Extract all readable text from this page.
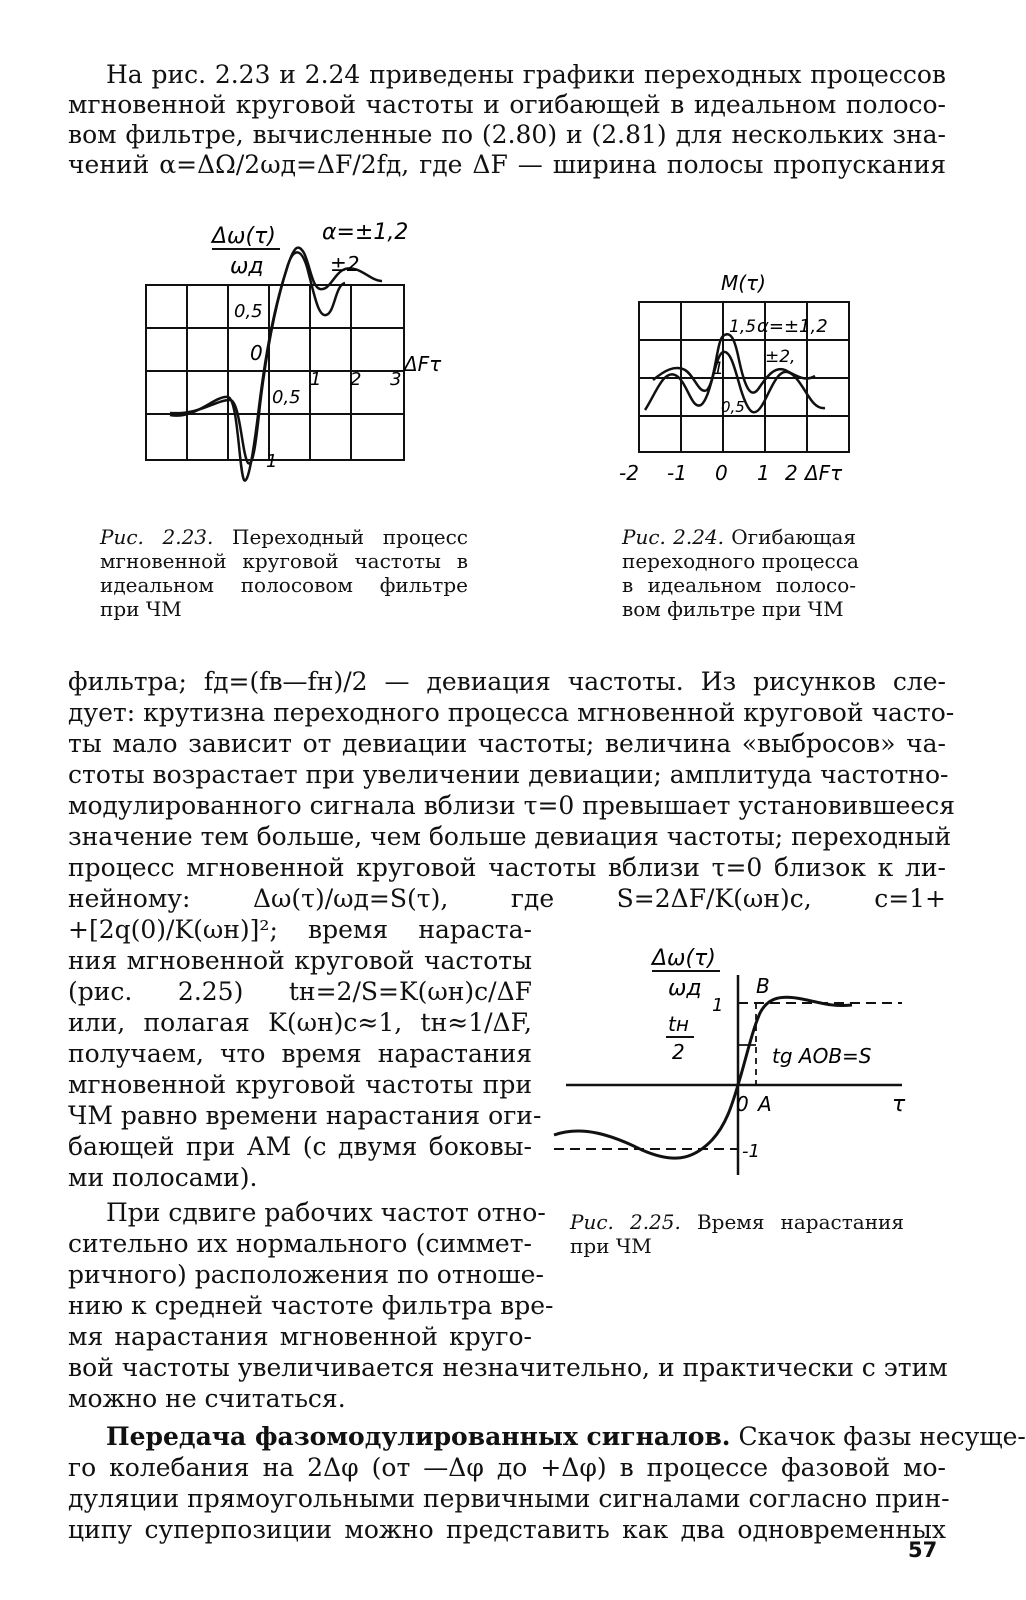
На рис. 2.23 и 2.24 приведены графики переходных процессов

мгновенной круговой частоты и огибающей в идеальном полосо-

вом фильтре, вычисленные по (2.80) и (2.81) для нескольких зна-

чений α=ΔΩ/2ωд=ΔF/2fд, где ΔF — ширина полосы пропускания

Δω(τ)
ωд
α=±1,2
±2
0,5
0
0,5
1 2 3
ΔFτ
1
Рис. 2.23. Переходный процесс
мгновенной круговой частоты в
идеальном полосовом фильтре
при ЧМ
M(τ)
1,5 α=±1,2
±2,
1
0,5
-2 -1 0 1 2 ΔFτ
Рис. 2.24. Огибающая
переходного процесса
в идеальном полосо-
вом фильтре при ЧМ

фильтра; fд=(fв—fн)/2 — девиация частоты. Из рисунков сле-

дует: крутизна переходного процесса мгновенной круговой часто-

ты мало зависит от девиации частоты; величина «выбросов» ча-

стоты возрастает при увеличении девиации; амплитуда частотно-

модулированного сигнала вблизи τ=0 превышает установившееся

значение тем больше, чем больше девиация частоты; переходный

процесс мгновенной круговой частоты вблизи τ=0 близок к ли-

нейному: Δω(τ)/ωд=S(τ), где S=2ΔF/K(ωн)c, c=1+

+[2q(0)/K(ωн)]²; время нараста-

ния мгновенной круговой частоты

(рис. 2.25) tн=2/S=K(ωн)c/ΔF

или, полагая K(ωн)c≈1, tн≈1/ΔF,

получаем, что время нарастания

мгновенной круговой частоты при

ЧМ равно времени нарастания оги-

бающей при АМ (с двумя боковы-

ми полосами).

При сдвиге рабочих частот отно-

сительно их нормального (симмет-

ричного) расположения по отноше-

нию к средней частоте фильтра вре-

мя нарастания мгновенной круго-

вой частоты увеличивается незначительно, и практически с этим

можно не считаться.

Δω(τ)
ωд	B
1
tн
2	tg AOB=S
0 A	τ
-1
Рис. 2.25. Время нарастания
при ЧМ

Передача фазомодулированных сигналов. Скачок фазы несуще-

го колебания на 2Δφ (от —Δφ до +Δφ) в процессе фазовой мо-

дуляции прямоугольными первичными сигналами согласно прин-

ципу суперпозиции можно представить как два одновременных

57
